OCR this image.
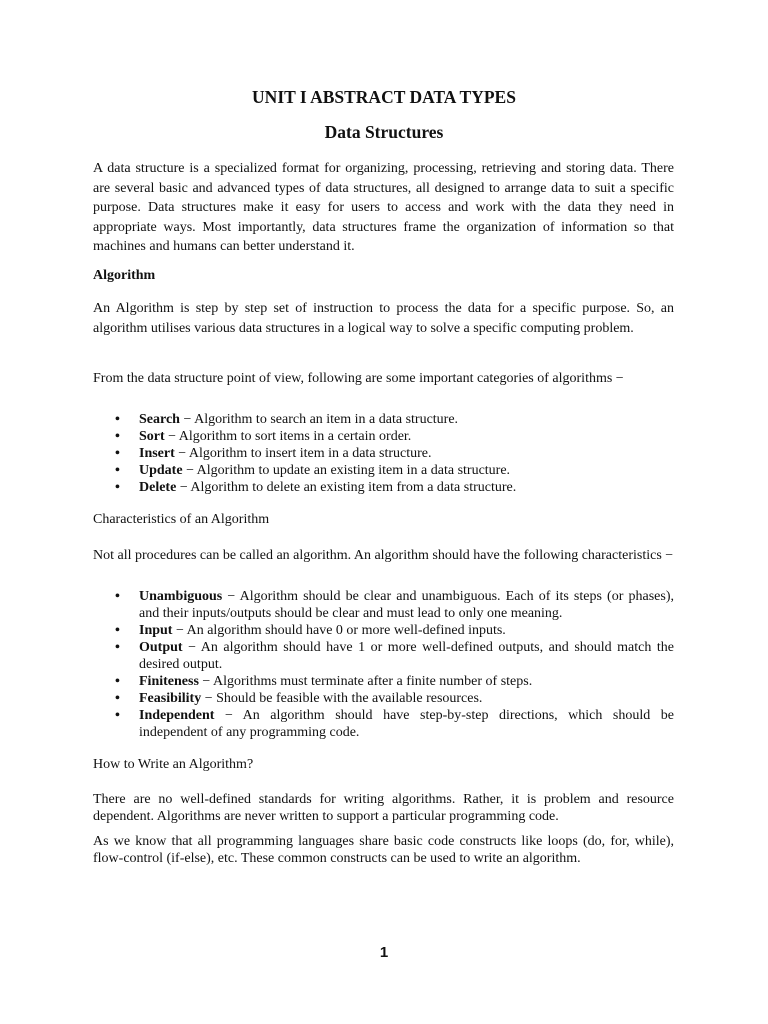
UNIT I ABSTRACT DATA TYPES
Data Structures

A data structure is a specialized format for organizing, processing, retrieving and storing data. There are several basic and advanced types of data structures, all designed to arrange data to suit a specific purpose. Data structures make it easy for users to access and work with the data they need in appropriate ways. Most importantly, data structures frame the organization of information so that machines and humans can better understand it.

Algorithm

An Algorithm is step by step set of instruction to process the data for a specific purpose. So, an algorithm utilises various data structures in a logical way to solve a specific computing problem.

From the data structure point of view, following are some important categories of algorithms −

• Search − Algorithm to search an item in a data structure.
• Sort − Algorithm to sort items in a certain order.
• Insert − Algorithm to insert item in a data structure.
• Update − Algorithm to update an existing item in a data structure.
• Delete − Algorithm to delete an existing item from a data structure.

Characteristics of an Algorithm

Not all procedures can be called an algorithm. An algorithm should have the following characteristics −

• Unambiguous − Algorithm should be clear and unambiguous. Each of its steps (or phases), and their inputs/outputs should be clear and must lead to only one meaning.
• Input − An algorithm should have 0 or more well-defined inputs.
• Output − An algorithm should have 1 or more well-defined outputs, and should match the desired output.
• Finiteness − Algorithms must terminate after a finite number of steps.
• Feasibility − Should be feasible with the available resources.
• Independent − An algorithm should have step-by-step directions, which should be independent of any programming code.

How to Write an Algorithm?

There are no well-defined standards for writing algorithms. Rather, it is problem and resource dependent. Algorithms are never written to support a particular programming code.

As we know that all programming languages share basic code constructs like loops (do, for, while), flow-control (if-else), etc. These common constructs can be used to write an algorithm.

1
